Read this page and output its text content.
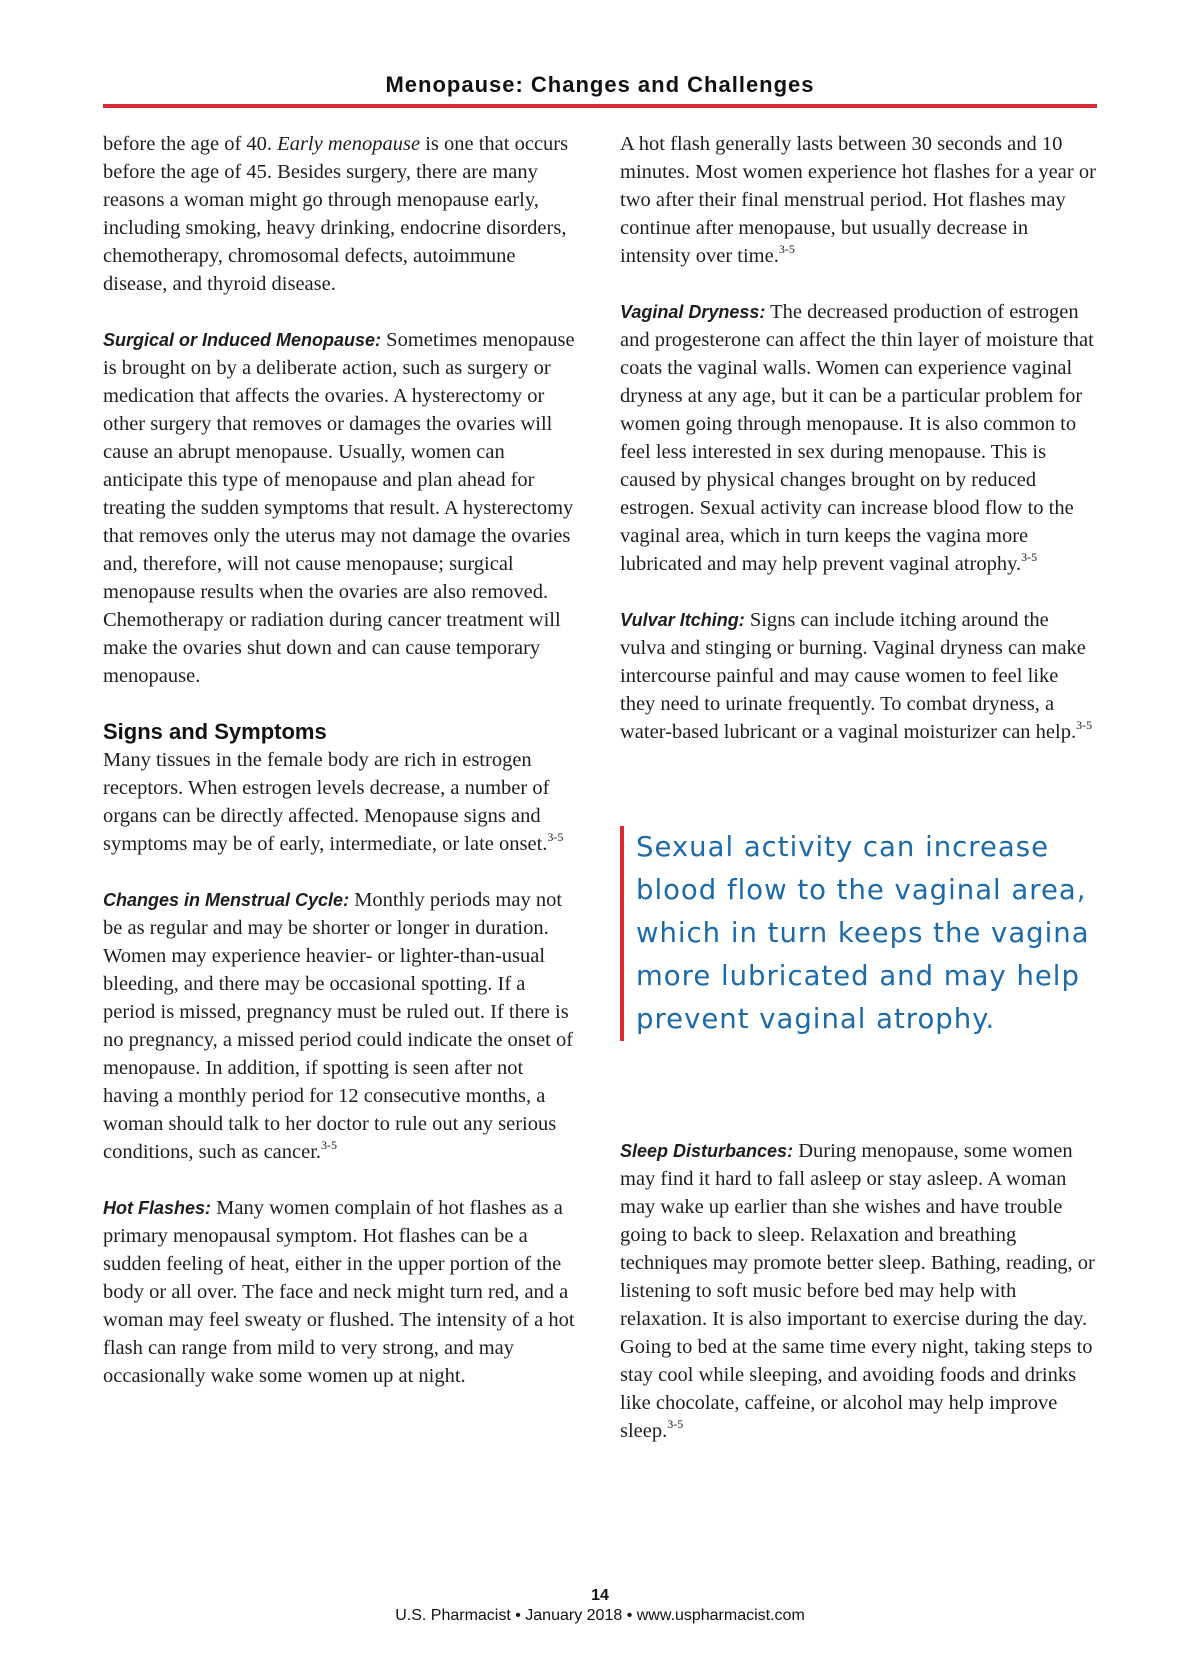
Menopause: Changes and Challenges

before the age of 40. Early menopause is one that occurs before the age of 45. Besides surgery, there are many reasons a woman might go through menopause early, including smoking, heavy drinking, endocrine disorders, chemotherapy, chromosomal defects, autoimmune disease, and thyroid disease.

Surgical or Induced Menopause: Sometimes menopause is brought on by a deliberate action, such as surgery or medication that affects the ovaries. A hysterectomy or other surgery that removes or damages the ovaries will cause an abrupt menopause. Usually, women can anticipate this type of menopause and plan ahead for treating the sudden symptoms that result. A hysterectomy that removes only the uterus may not damage the ovaries and, therefore, will not cause menopause; surgical menopause results when the ovaries are also removed. Chemotherapy or radiation during cancer treatment will make the ovaries shut down and can cause temporary menopause.

Signs and Symptoms

Many tissues in the female body are rich in estrogen receptors. When estrogen levels decrease, a number of organs can be directly affected. Menopause signs and symptoms may be of early, intermediate, or late onset.$^{3-5}$

Changes in Menstrual Cycle: Monthly periods may not be as regular and may be shorter or longer in duration. Women may experience heavier- or lighter-than-usual bleeding, and there may be occasional spotting. If a period is missed, pregnancy must be ruled out. If there is no pregnancy, a missed period could indicate the onset of menopause. In addition, if spotting is seen after not having a monthly period for 12 consecutive months, a woman should talk to her doctor to rule out any serious conditions, such as cancer.$^{3-5}$

Hot Flashes: Many women complain of hot flashes as a primary menopausal symptom. Hot flashes can be a sudden feeling of heat, either in the upper portion of the body or all over. The face and neck might turn red, and a woman may feel sweaty or flushed. The intensity of a hot flash can range from mild to very strong, and may occasionally wake some women up at night.

A hot flash generally lasts between 30 seconds and 10 minutes. Most women experience hot flashes for a year or two after their final menstrual period. Hot flashes may continue after menopause, but usually decrease in intensity over time.$^{3-5}$

Vaginal Dryness: The decreased production of estrogen and progesterone can affect the thin layer of moisture that coats the vaginal walls. Women can experience vaginal dryness at any age, but it can be a particular problem for women going through menopause. It is also common to feel less interested in sex during menopause. This is caused by physical changes brought on by reduced estrogen. Sexual activity can increase blood flow to the vaginal area, which in turn keeps the vagina more lubricated and may help prevent vaginal atrophy.$^{3-5}$

Vulvar Itching: Signs can include itching around the vulva and stinging or burning. Vaginal dryness can make intercourse painful and may cause women to feel like they need to urinate frequently. To combat dryness, a water-based lubricant or a vaginal moisturizer can help.$^{3-5}$

Sexual activity can increase blood flow to the vaginal area, which in turn keeps the vagina more lubricated and may help prevent vaginal atrophy.

Sleep Disturbances: During menopause, some women may find it hard to fall asleep or stay asleep. A woman may wake up earlier than she wishes and have trouble going to back to sleep. Relaxation and breathing techniques may promote better sleep. Bathing, reading, or listening to soft music before bed may help with relaxation. It is also important to exercise during the day. Going to bed at the same time every night, taking steps to stay cool while sleeping, and avoiding foods and drinks like chocolate, caffeine, or alcohol may help improve sleep.$^{3-5}$

14
U.S. Pharmacist • January 2018 • www.uspharmacist.com
